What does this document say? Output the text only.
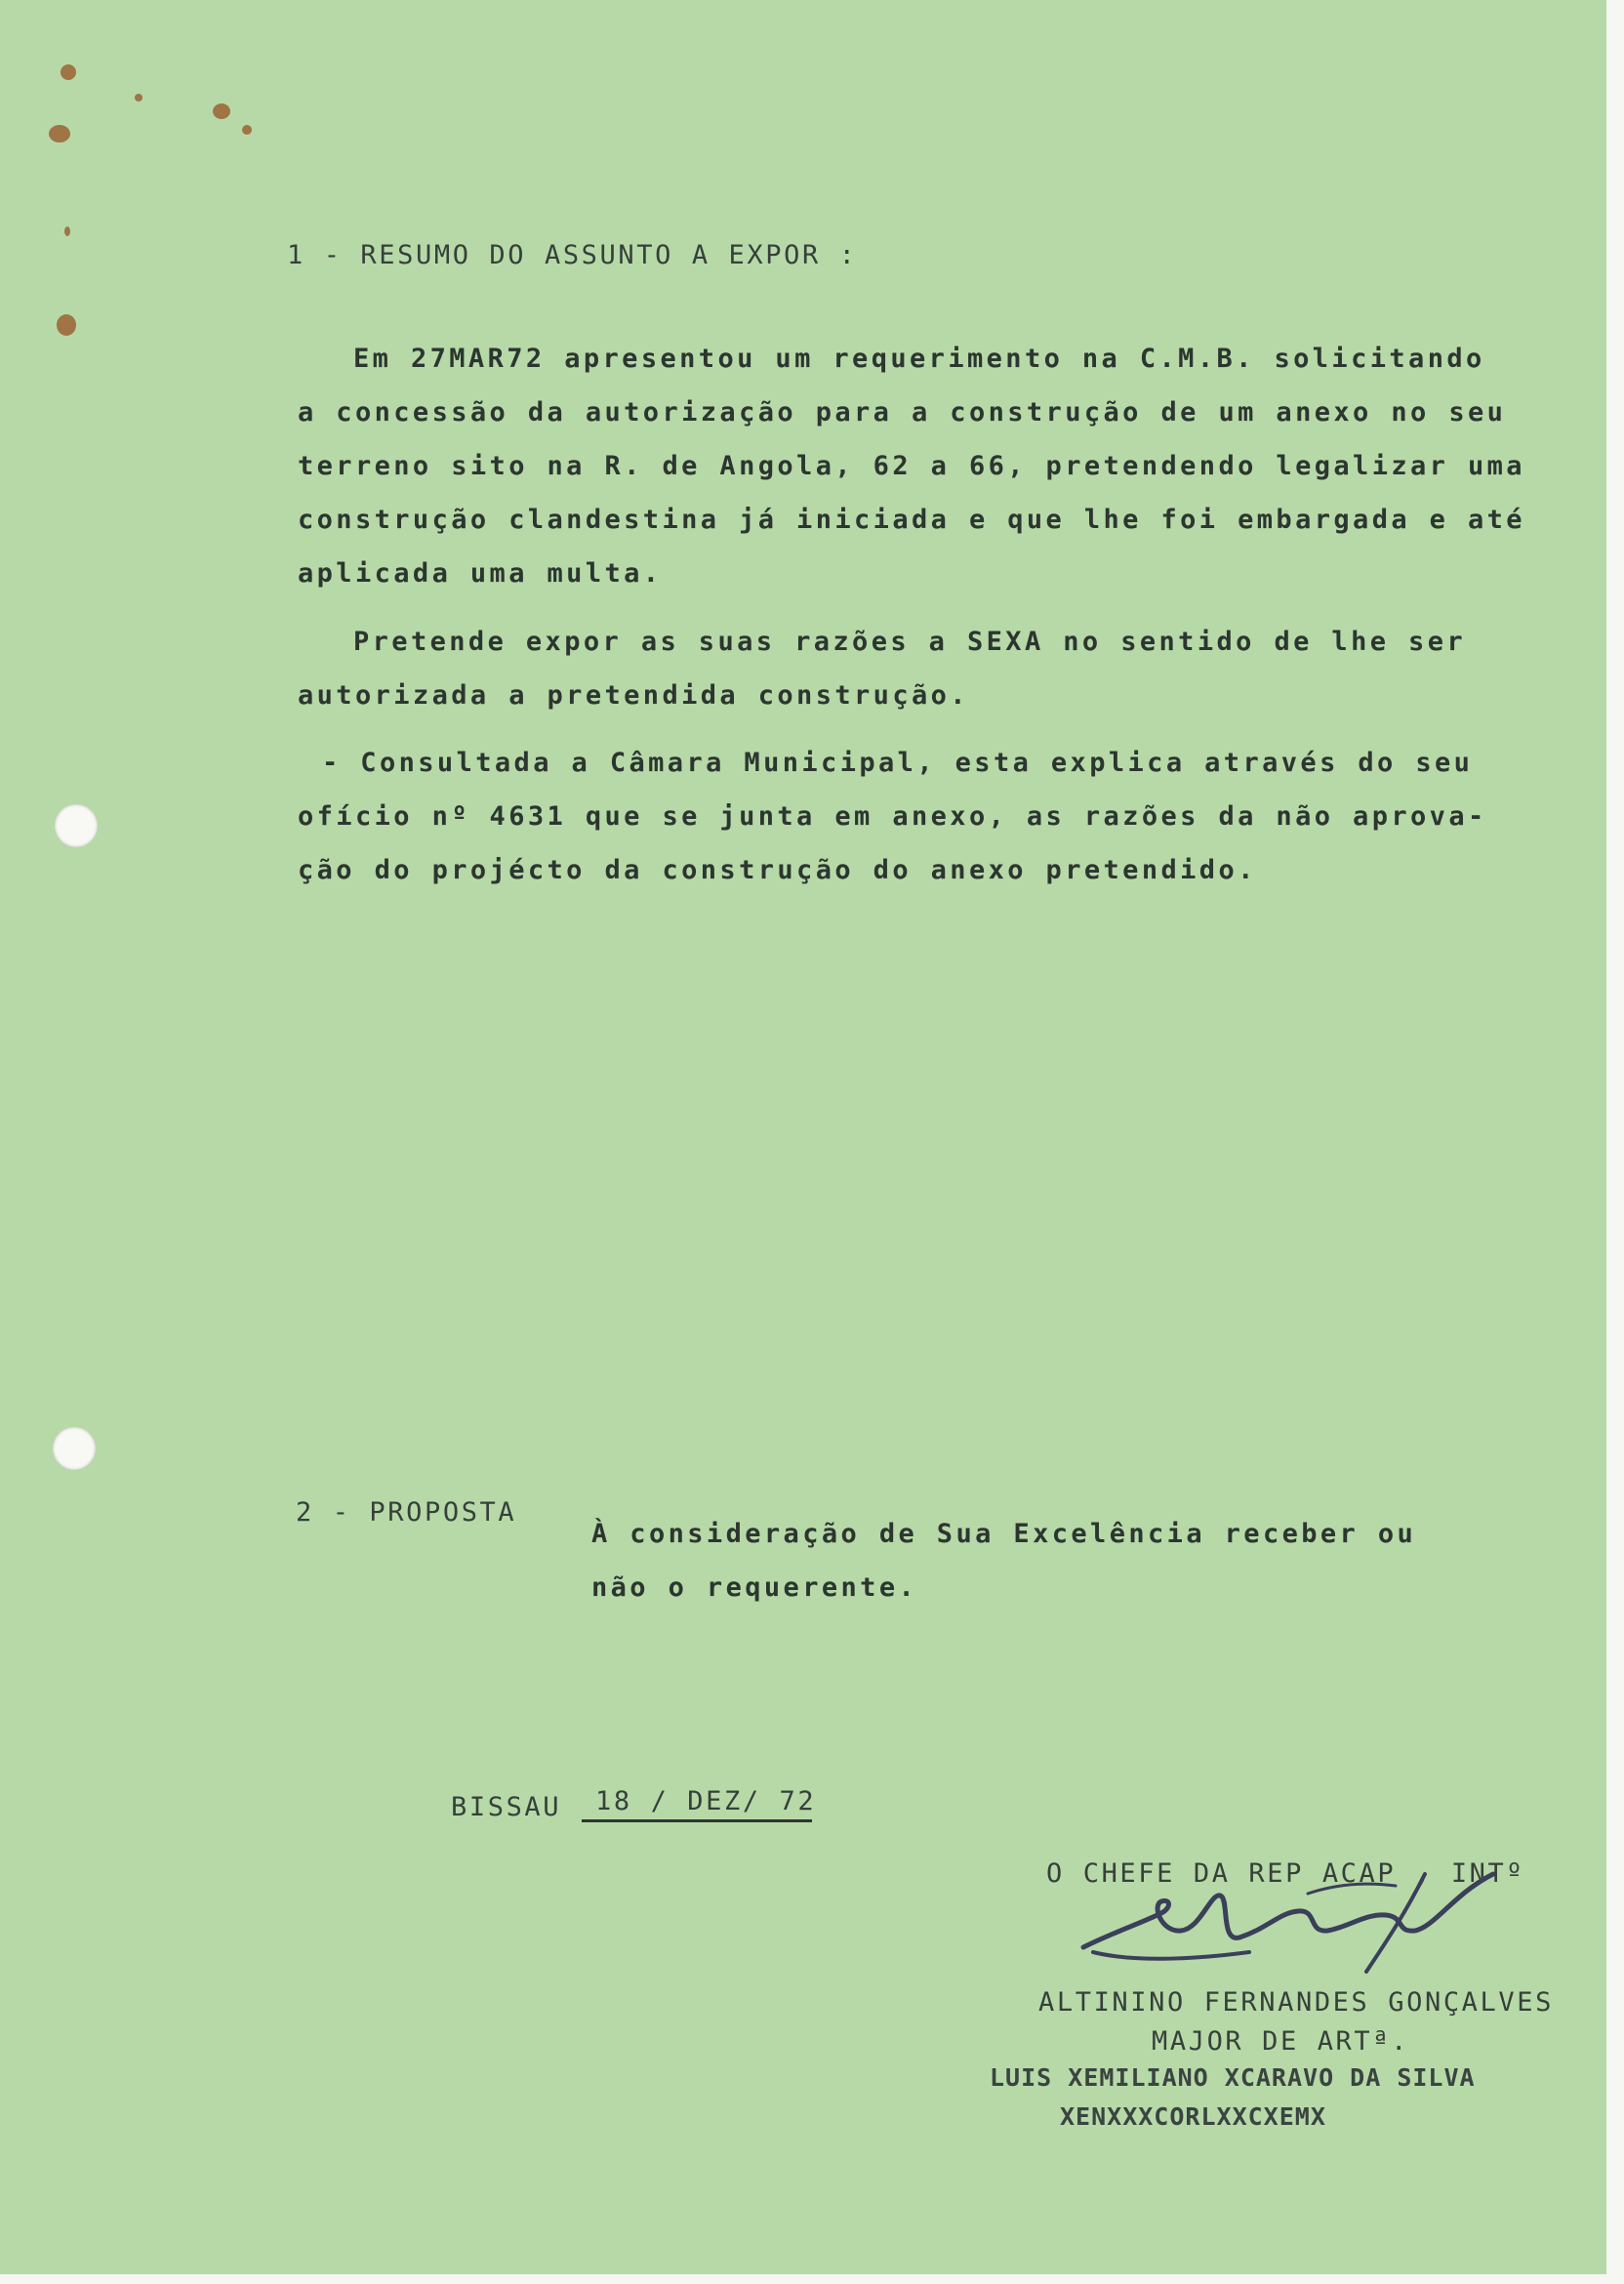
1 - RESUMO DO ASSUNTO A EXPOR :
Em 27MAR72 apresentou um requerimento na C.M.B. solicitando
a concessão da autorização para a construção de um anexo no seu
terreno sito na R. de Angola, 62 a 66, pretendendo legalizar uma
construção clandestina já iniciada e que lhe foi embargada e até
aplicada uma multa.
Pretende expor as suas razões a SEXA no sentido de lhe ser
autorizada a pretendida construção.
- Consultada a Câmara Municipal, esta explica através do seu
ofício nº 4631 que se junta em anexo, as razões da não aprova-
ção do projécto da construção do anexo pretendido.
2 - PROPOSTA
À consideração de Sua Excelência receber ou
não o requerente.
BISSAU 18 / DEZ/ 72
O CHEFE DA REP ACAP , INTº
ALTININO FERNANDES GONÇALVES
MAJOR DE ARTª.
LUIS XEMILIANO XCARAVO DA SILVA
XENXXXCORLXXCXEMX
